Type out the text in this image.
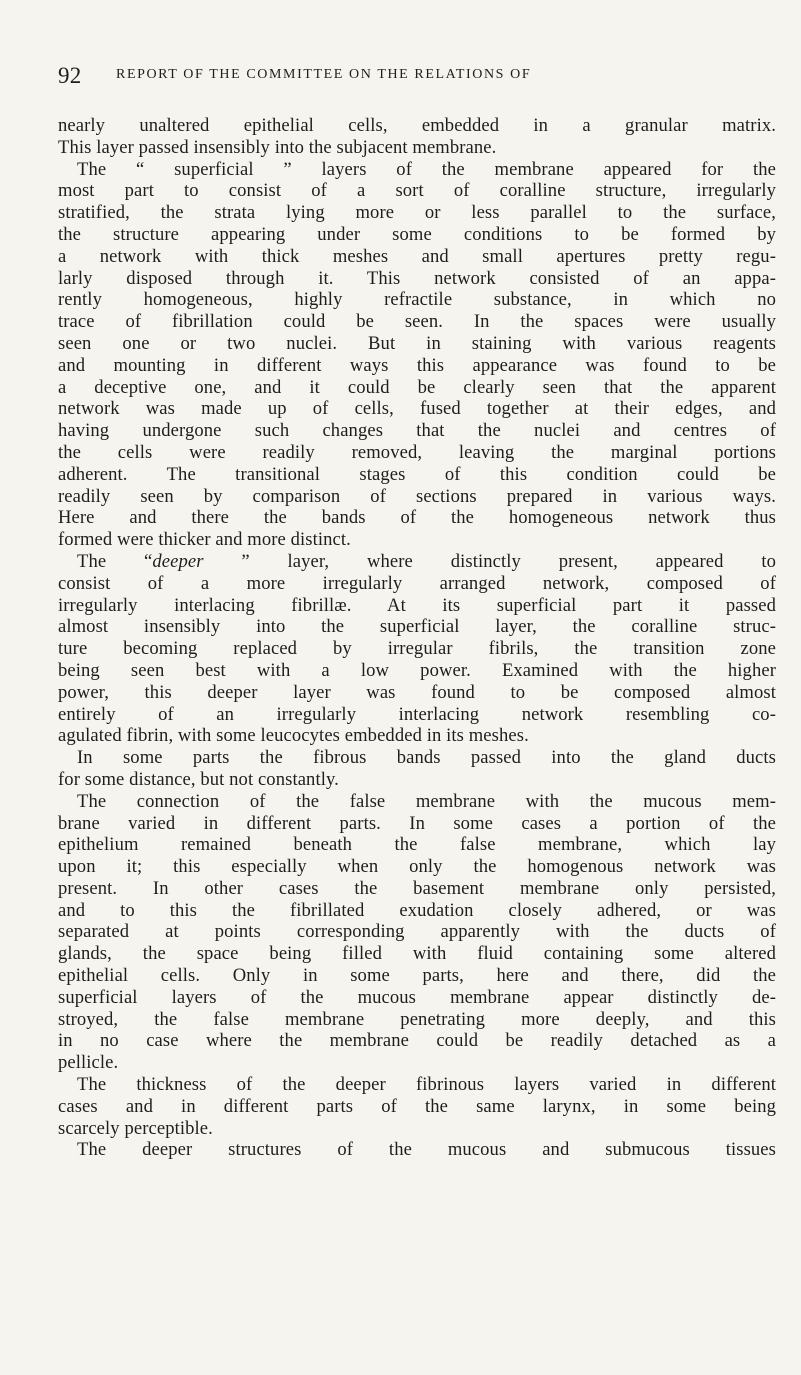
92 REPORT OF THE COMMITTEE ON THE RELATIONS OF
nearly unaltered epithelial cells, embedded in a granular matrix.
This layer passed insensibly into the subjacent membrane.
The “ superficial ” layers of the membrane appeared for the
most part to consist of a sort of coralline structure, irregularly
stratified, the strata lying more or less parallel to the surface,
the structure appearing under some conditions to be formed by
a network with thick meshes and small apertures pretty regu-
larly disposed through it. This network consisted of an appa-
rently homogeneous, highly refractile substance, in which no
trace of fibrillation could be seen. In the spaces were usually
seen one or two nuclei. But in staining with various reagents
and mounting in different ways this appearance was found to be
a deceptive one, and it could be clearly seen that the apparent
network was made up of cells, fused together at their edges, and
having undergone such changes that the nuclei and centres of
the cells were readily removed, leaving the marginal portions
adherent. The transitional stages of this condition could be
readily seen by comparison of sections prepared in various ways.
Here and there the bands of the homogeneous network thus
formed were thicker and more distinct.
The “deeper ” layer, where distinctly present, appeared to
consist of a more irregularly arranged network, composed of
irregularly interlacing fibrillæ. At its superficial part it passed
almost insensibly into the superficial layer, the coralline struc-
ture becoming replaced by irregular fibrils, the transition zone
being seen best with a low power. Examined with the higher
power, this deeper layer was found to be composed almost
entirely of an irregularly interlacing network resembling co-
agulated fibrin, with some leucocytes embedded in its meshes.
In some parts the fibrous bands passed into the gland ducts
for some distance, but not constantly.
The connection of the false membrane with the mucous mem-
brane varied in different parts. In some cases a portion of the
epithelium remained beneath the false membrane, which lay
upon it; this especially when only the homogenous network was
present. In other cases the basement membrane only persisted,
and to this the fibrillated exudation closely adhered, or was
separated at points corresponding apparently with the ducts of
glands, the space being filled with fluid containing some altered
epithelial cells. Only in some parts, here and there, did the
superficial layers of the mucous membrane appear distinctly de-
stroyed, the false membrane penetrating more deeply, and this
in no case where the membrane could be readily detached as a
pellicle.
The thickness of the deeper fibrinous layers varied in different
cases and in different parts of the same larynx, in some being
scarcely perceptible.
The deeper structures of the mucous and submucous tissues
